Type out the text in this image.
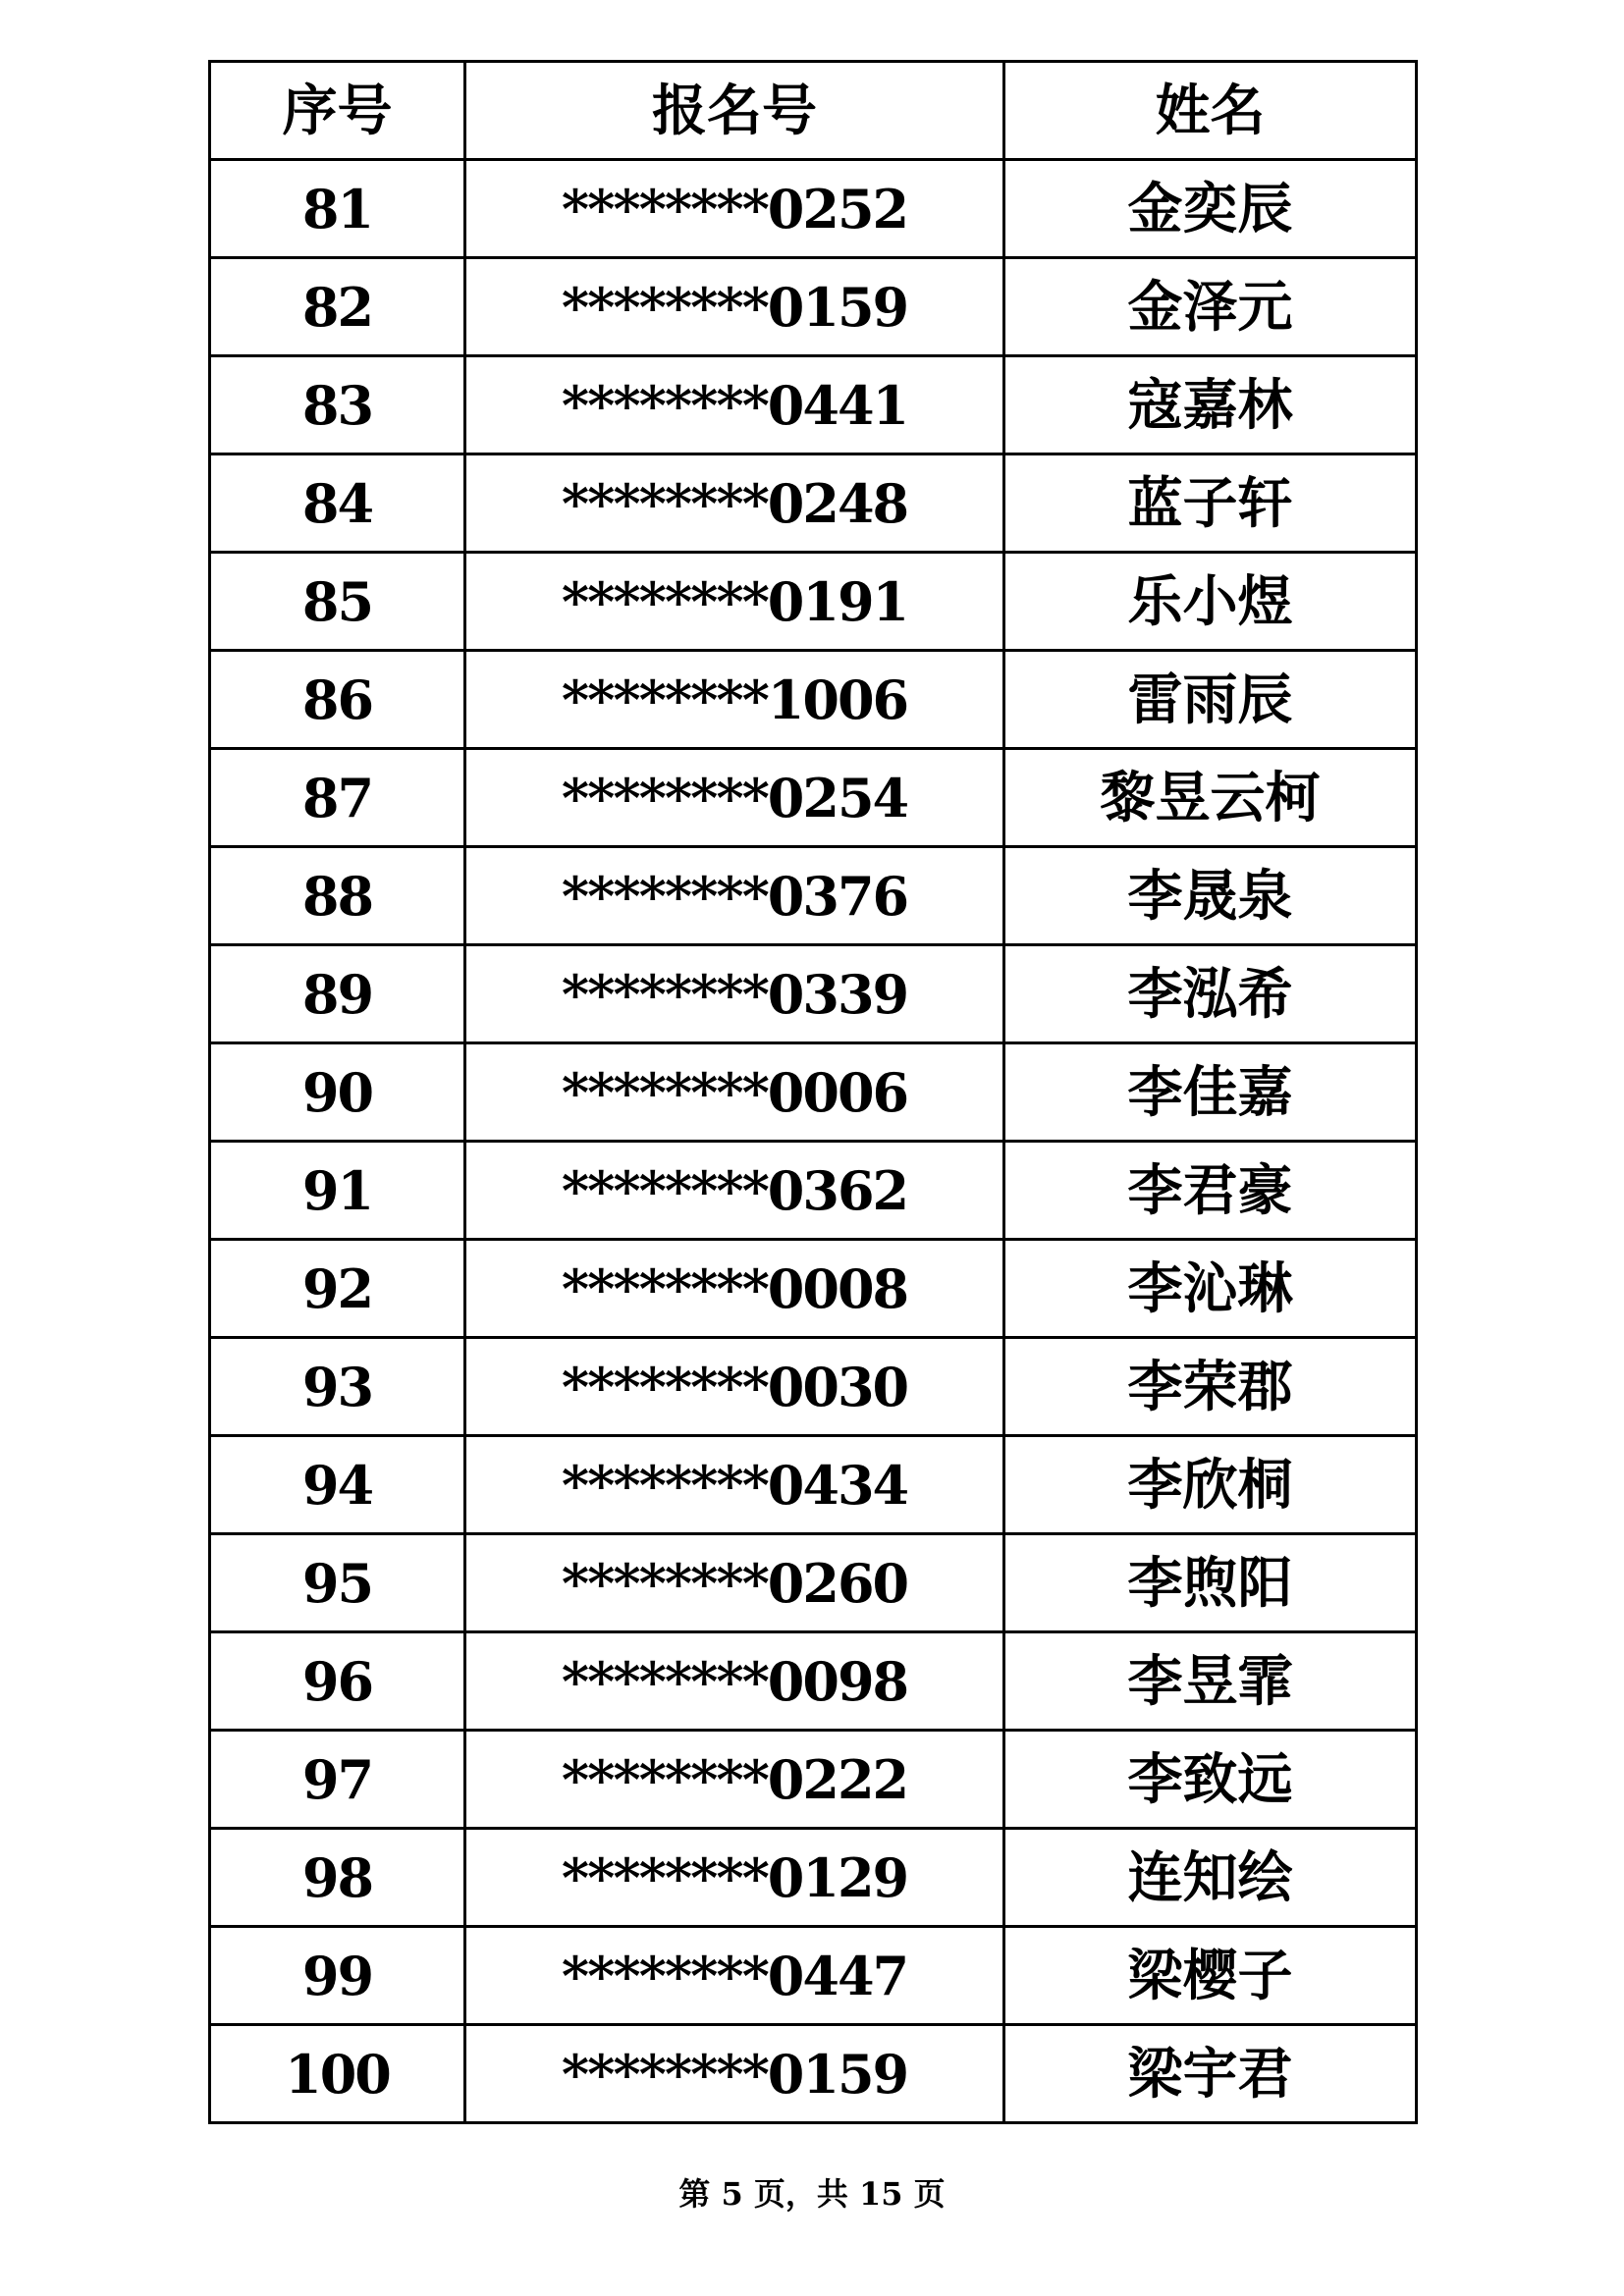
序号	报名号	姓名
81	********0252	金奕辰
82	********0159	金泽元
83	********0441	寇嘉林
84	********0248	蓝子轩
85	********0191	乐小煜
86	********1006	雷雨辰
87	********0254	黎昱云柯
88	********0376	李晟泉
89	********0339	李泓希
90	********0006	李佳嘉
91	********0362	李君豪
92	********0008	李沁琳
93	********0030	李荣郡
94	********0434	李欣桐
95	********0260	李煦阳
96	********0098	李昱霏
97	********0222	李致远
98	********0129	连知绘
99	********0447	梁樱子
100	********0159	梁宇君
第 5 页，共 15 页
